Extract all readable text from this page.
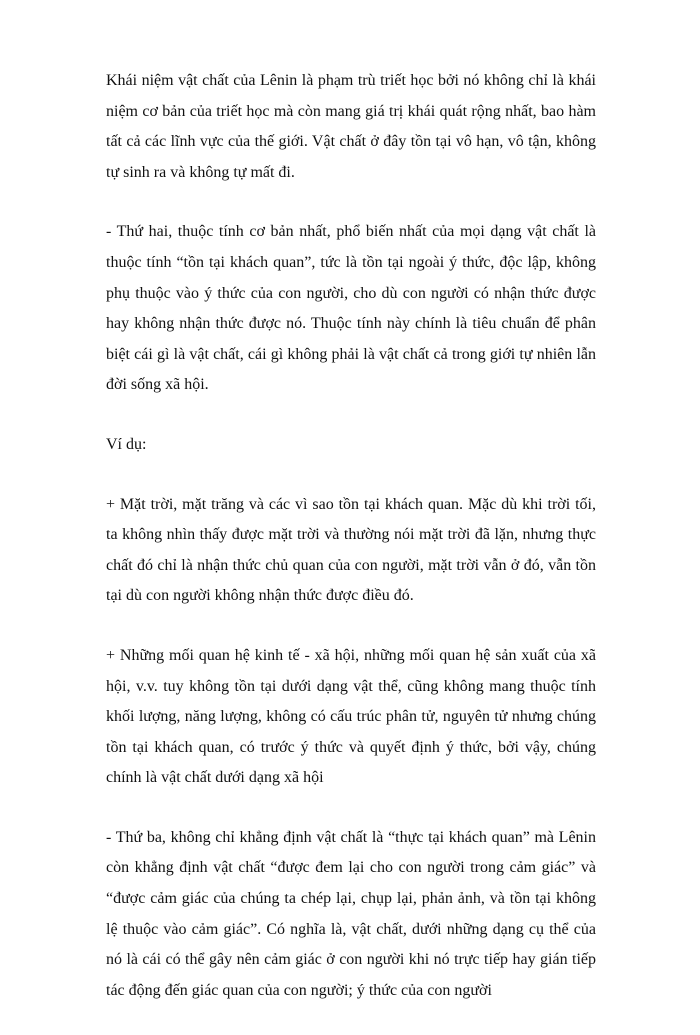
Khái niệm vật chất của Lênin là phạm trù triết học bởi nó không chỉ là khái niệm cơ bản của triết học mà còn mang giá trị khái quát rộng nhất, bao hàm tất cả các lĩnh vực của thế giới. Vật chất ở đây tồn tại vô hạn, vô tận, không tự sinh ra và không tự mất đi.

- Thứ hai, thuộc tính cơ bản nhất, phổ biến nhất của mọi dạng vật chất là thuộc tính “tồn tại khách quan”, tức là tồn tại ngoài ý thức, độc lập, không phụ thuộc vào ý thức của con người, cho dù con người có nhận thức được hay không nhận thức được nó. Thuộc tính này chính là tiêu chuẩn để phân biệt cái gì là vật chất, cái gì không phải là vật chất cả trong giới tự nhiên lẫn đời sống xã hội.

Ví dụ:

+ Mặt trời, mặt trăng và các vì sao tồn tại khách quan. Mặc dù khi trời tối, ta không nhìn thấy được mặt trời và thường nói mặt trời đã lặn, nhưng thực chất đó chỉ là nhận thức chủ quan của con người, mặt trời vẫn ở đó, vẫn tồn tại dù con người không nhận thức được điều đó.

+ Những mối quan hệ kinh tế - xã hội, những mối quan hệ sản xuất của xã hội, v.v. tuy không tồn tại dưới dạng vật thể, cũng không mang thuộc tính khối lượng, năng lượng, không có cấu trúc phân tử, nguyên tử nhưng chúng tồn tại khách quan, có trước ý thức và quyết định ý thức, bởi vậy, chúng chính là vật chất dưới dạng xã hội

- Thứ ba, không chỉ khẳng định vật chất là “thực tại khách quan” mà Lênin còn khẳng định vật chất “được đem lại cho con người trong cảm giác” và “được cảm giác của chúng ta chép lại, chụp lại, phản ảnh, và tồn tại không lệ thuộc vào cảm giác”. Có nghĩa là, vật chất, dưới những dạng cụ thể của nó là cái có thể gây nên cảm giác ở con người khi nó trực tiếp hay gián tiếp tác động đến giác quan của con người; ý thức của con người
